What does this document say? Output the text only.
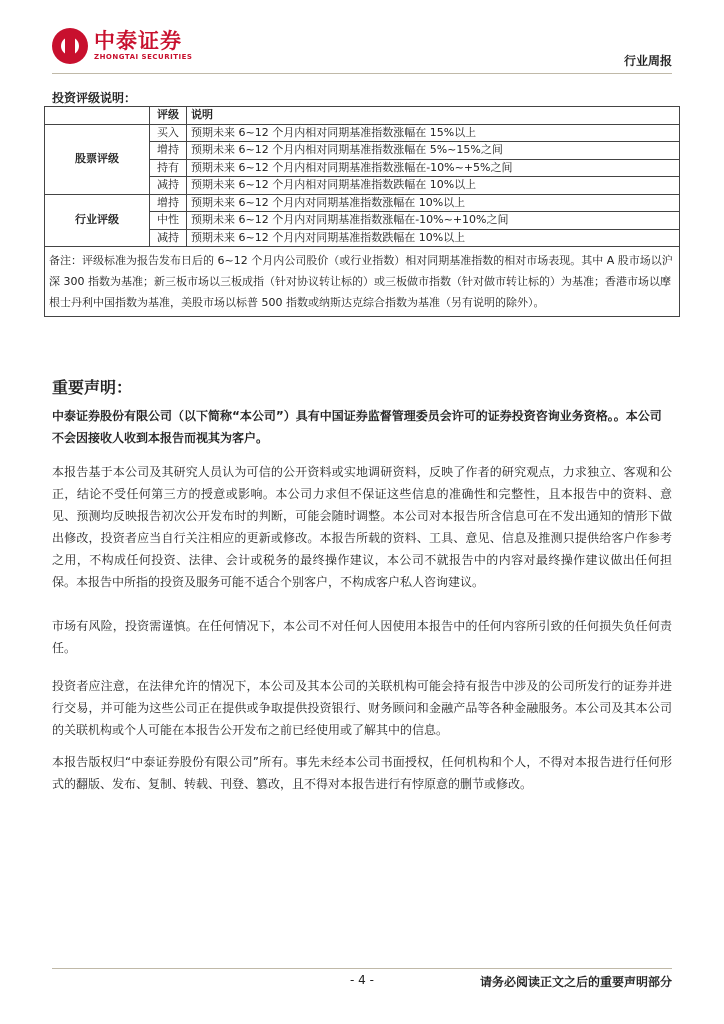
中泰证券
ZHONGTAI SECURITIES	行业周报
投资评级说明：
	评级	说明
股票评级	买入	预期未来 6~12 个月内相对同期基准指数涨幅在 15%以上
	增持	预期未来 6~12 个月内相对同期基准指数涨幅在 5%~15%之间
	持有	预期未来 6~12 个月内相对同期基准指数涨幅在-10%~+5%之间
	减持	预期未来 6~12 个月内相对同期基准指数跌幅在 10%以上
行业评级	增持	预期未来 6~12 个月内对同期基准指数涨幅在 10%以上
	中性	预期未来 6~12 个月内对同期基准指数涨幅在-10%~+10%之间
	减持	预期未来 6~12 个月内对同期基准指数跌幅在 10%以上
备注：评级标准为报告发布日后的 6~12 个月内公司股价（或行业指数）相对同期基准指数的相对市场表现。其中 A 股市场以沪深 300 指数为基准；新三板市场以三板成指（针对协议转让标的）或三板做市指数（针对做市转让标的）为基准；香港市场以摩根士丹利中国指数为基准，美股市场以标普 500 指数或纳斯达克综合指数为基准（另有说明的除外）。		
重要声明：
中泰证券股份有限公司（以下简称“本公司”）具有中国证券监督管理委员会许可的证券投资咨询业务资格。。本公司不会因接收人收到本报告而视其为客户。
本报告基于本公司及其研究人员认为可信的公开资料或实地调研资料，反映了作者的研究观点，力求独立、客观和公正，结论不受任何第三方的授意或影响。本公司力求但不保证这些信息的准确性和完整性，且本报告中的资料、意见、预测均反映报告初次公开发布时的判断，可能会随时调整。本公司对本报告所含信息可在不发出通知的情形下做出修改，投资者应当自行关注相应的更新或修改。本报告所载的资料、工具、意见、信息及推测只提供给客户作参考之用，不构成任何投资、法律、会计或税务的最终操作建议，本公司不就报告中的内容对最终操作建议做出任何担保。本报告中所指的投资及服务可能不适合个别客户，不构成客户私人咨询建议。
市场有风险，投资需谨慎。在任何情况下，本公司不对任何人因使用本报告中的任何内容所引致的任何损失负任何责任。
投资者应注意，在法律允许的情况下，本公司及其本公司的关联机构可能会持有报告中涉及的公司所发行的证券并进行交易，并可能为这些公司正在提供或争取提供投资银行、财务顾问和金融产品等各种金融服务。本公司及其本公司的关联机构或个人可能在本报告公开发布之前已经使用或了解其中的信息。
本报告版权归“中泰证券股份有限公司”所有。事先未经本公司书面授权，任何机构和个人，不得对本报告进行任何形式的翻版、发布、复制、转载、刊登、篡改，且不得对本报告进行有悖原意的删节或修改。
- 4 -	请务必阅读正文之后的重要声明部分
